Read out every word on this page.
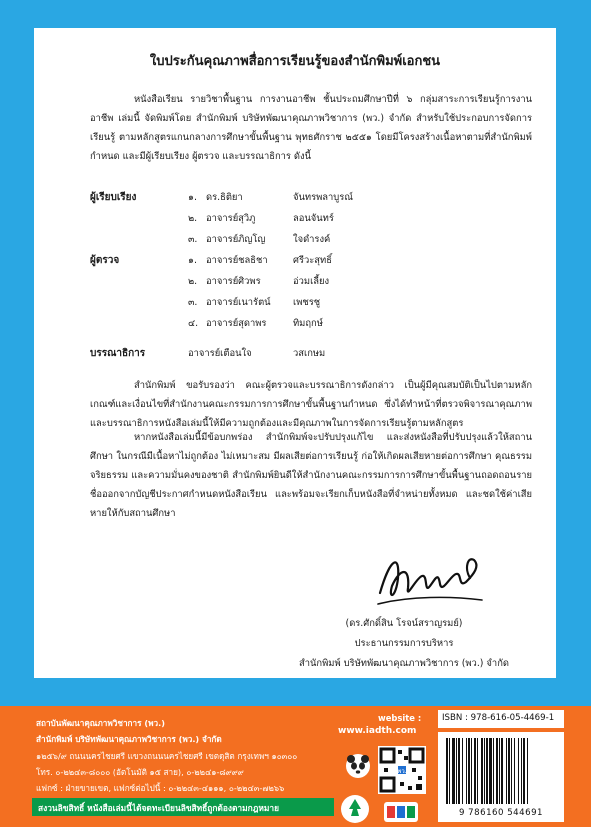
ใบประกันคุณภาพสื่อการเรียนรู้ของสำนักพิมพ์เอกชน
หนังสือเรียน รายวิชาพื้นฐาน การงานอาชีพ ชั้นประถมศึกษาปีที่ ๖ กลุ่มสาระการเรียนรู้การงานอาชีพ เล่มนี้ จัดพิมพ์โดย สำนักพิมพ์ บริษัทพัฒนาคุณภาพวิชาการ (พว.) จำกัด สำหรับใช้ประกอบการจัดการเรียนรู้ ตามหลักสูตรแกนกลางการศึกษาขั้นพื้นฐาน พุทธศักราช ๒๕๕๑ โดยมีโครงสร้างเนื้อหาตามที่สำนักพิมพ์กำหนด และมีผู้เรียบเรียง ผู้ตรวจ และบรรณาธิการ ดังนี้
ผู้เรียบเรียง	๑. ดร.ธิติยา	จันทรพลาบูรณ์
๒. อาจารย์สุวิภู	ลอนจันทร์
๓. อาจารย์ภิญโญ	ใจดำรงค์
ผู้ตรวจ	๑. อาจารย์ชลธิชา	ศรีวะสุทธิ์
๒. อาจารย์ศิวพร	อ่วมเลี้ยง
๓. อาจารย์เนารัตน์ เพชรชู
๔. อาจารย์สุดาพร	ทิมฤกษ์
บรรณาธิการ	อาจารย์เตือนใจ	วสเกษม
สำนักพิมพ์ ขอรับรองว่า คณะผู้ตรวจและบรรณาธิการดังกล่าว เป็นผู้มีคุณสมบัติเป็นไปตามหลักเกณฑ์และเงื่อนไขที่สำนักงานคณะกรรมการการศึกษาขั้นพื้นฐานกำหนด ซึ่งได้ทำหน้าที่ตรวจพิจารณาคุณภาพและบรรณาธิการหนังสือเล่มนี้ให้มีความถูกต้องและมีคุณภาพในการจัดการเรียนรู้ตามหลักสูตร
หากหนังสือเล่มนี้มีข้อบกพร่อง สำนักพิมพ์จะปรับปรุงแก้ไข และส่งหนังสือที่ปรับปรุงแล้วให้สถานศึกษา ในกรณีมีเนื้อหาไม่ถูกต้อง ไม่เหมาะสม มีผลเสียต่อการเรียนรู้ ก่อให้เกิดผลเสียหายต่อการศึกษา คุณธรรม จริยธรรม และความมั่นคงของชาติ สำนักพิมพ์ยินดีให้สำนักงานคณะกรรมการการศึกษาขั้นพื้นฐานถอดถอนรายชื่อออกจากบัญชีประกาศกำหนดหนังสือเรียน และพร้อมจะเรียกเก็บหนังสือที่จำหน่ายทั้งหมด และชดใช้ค่าเสียหายให้กับสถานศึกษา
(ดร.ศักดิ์สิน โรจน์สราญรมย์)
ประธานกรรมการบริหาร
สำนักพิมพ์ บริษัทพัฒนาคุณภาพวิชาการ (พว.) จำกัด
สถาบันพัฒนาคุณภาพวิชาการ (พว.)
สำนักพิมพ์ บริษัทพัฒนาคุณภาพวิชาการ (พว.) จำกัด
๑๒๕๖/๙ ถนนนครไชยศรี แขวงถนนนครไชยศรี เขตดุสิต กรุงเทพฯ ๑๐๓๐๐
โทร. ๐-๒๒๔๓-๘๐๐๐ (อัตโนมัติ ๑๕ สาย), ๐-๒๒๔๑-๘๙๙๙
แฟกซ์ : ฝ่ายขายเขต, แฟกซ์ต่อไปนี้ : ๐-๒๒๔๓-๔๑๑๑, ๐-๒๒๔๓-๗๒๖๖
สงวนลิขสิทธิ์ หนังสือเล่มนี้ได้จดทะเบียนลิขสิทธิ์ถูกต้องตามกฎหมาย
website :
www.iadth.com
พว.
ISBN : 978-616-05-4469-1
9 786160 544691
